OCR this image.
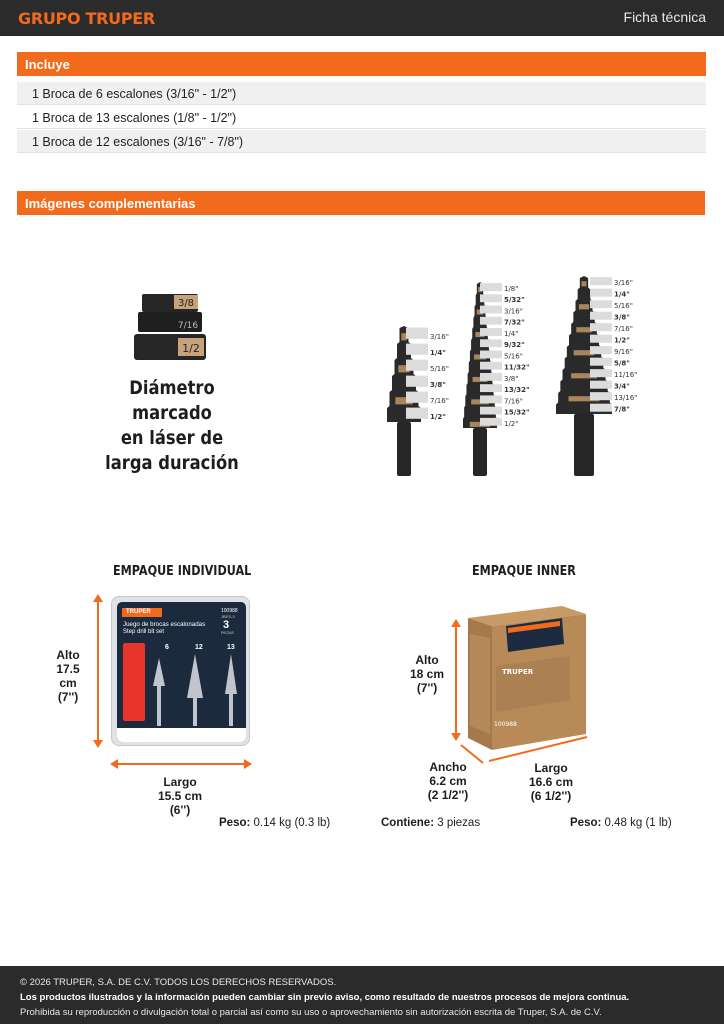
GRUPO TRUPER	Ficha técnica
Incluye
1 Broca de 6 escalones (3/16" - 1/2")
1 Broca de 13 escalones (1/8" - 1/2")
1 Broca de 12 escalones (3/16" - 7/8")
Imágenes complementarias
3/8
7/16
1/2
Diámetro marcado
en láser de
larga duración
3/16"
1/4"
5/16"
3/8"
7/16"
1/2"
1/8"
5/32"
3/16"
7/32"
1/4"
9/32"
5/16"
11/32"
3/8"
13/32"
7/16"
15/32"
1/2"
3/16"
1/4"
5/16"
3/8"
7/16"
1/2"
9/16"
5/8"
11/16"
3/4"
13/16"
7/8"
EMPAQUE INDIVIDUAL
Alto
17.5 cm
(7'')
TRUPER	100988
JBES-3
Juego de brocas escalonadas
Step drill bit set
3
PIEZAS
6	12	13
Largo
15.5 cm
(6'')
Peso: 0.14 kg (0.3 lb)
EMPAQUE INNER
Alto
18 cm
(7'')
TRUPER
100988
Ancho
6.2 cm
(2 1/2'')
Largo
16.6 cm
(6 1/2'')
Contiene: 3 piezas	Peso: 0.48 kg (1 lb)
© 2026 TRUPER, S.A. DE C.V. TODOS LOS DERECHOS RESERVADOS.
Los productos ilustrados y la información pueden cambiar sin previo aviso, como resultado de nuestros procesos de mejora continua.
Prohibida su reproducción o divulgación total o parcial así como su uso o aprovechamiento sin autorización escrita de Truper, S.A. de C.V.
